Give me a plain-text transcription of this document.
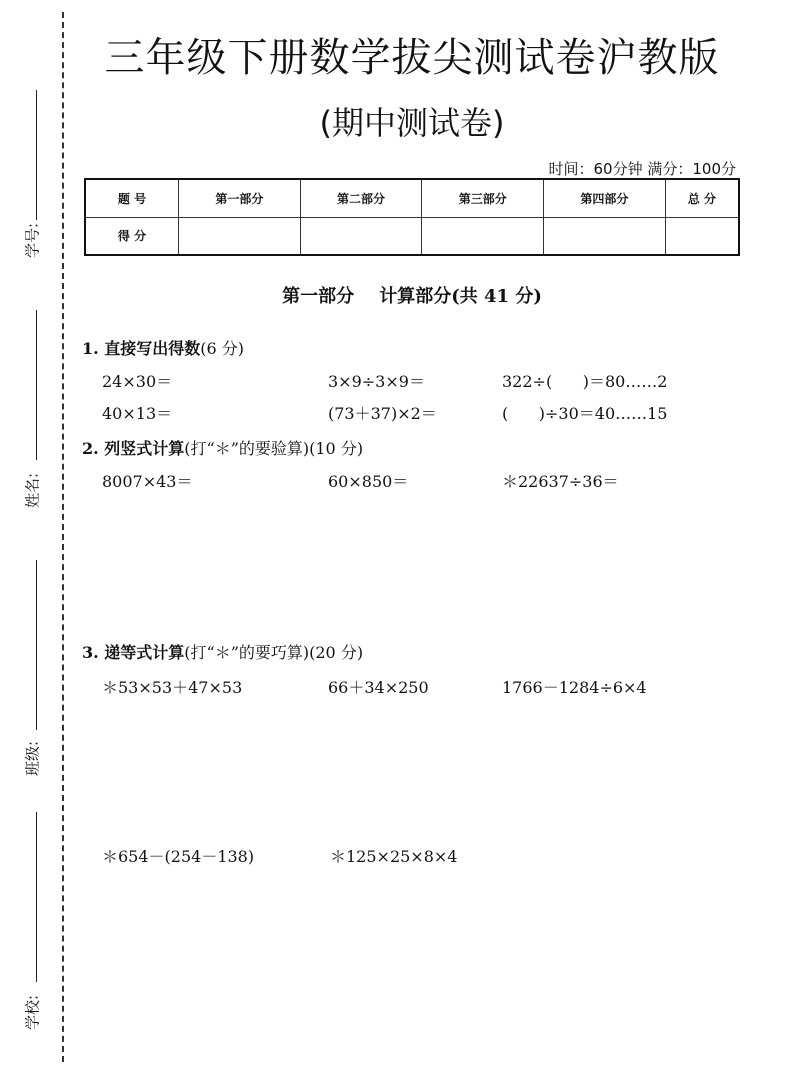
学号:
姓名:
班级:
学校:
三年级下册数学拔尖测试卷沪教版
(期中测试卷)
时间：60分钟 满分：100分
题 号	第一部分	第二部分	第三部分	第四部分	总 分
得 分					
第一部分    计算部分(共 41 分)
1. 直接写出得数(6 分)
24×30＝	3×9÷3×9＝	322÷(      )＝80……2
40×13＝	(73＋37)×2＝	(      )÷30＝40……15
2. 列竖式计算(打“＊”的要验算)(10 分)
8007×43＝	60×850＝	＊22637÷36＝
3. 递等式计算(打“＊”的要巧算)(20 分)
＊53×53＋47×53	66＋34×250	1766－1284÷6×4
＊654－(254－138)	＊125×25×8×4
